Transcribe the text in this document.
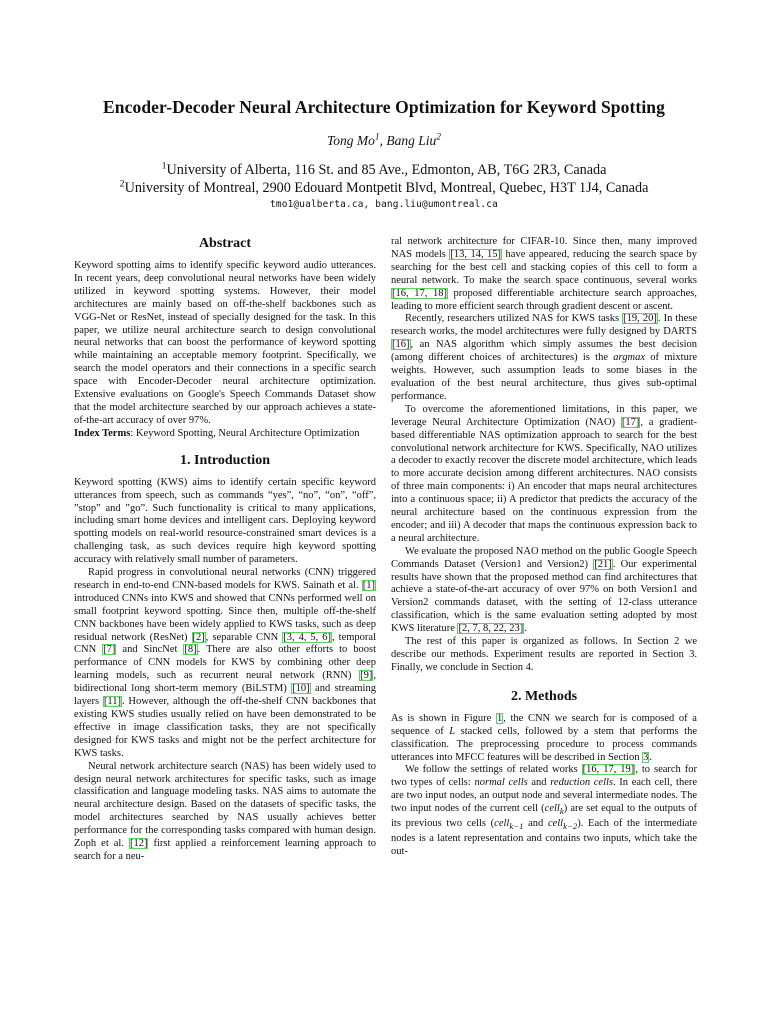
Encoder-Decoder Neural Architecture Optimization for Keyword Spotting
Tong Mo$^1$, Bang Liu$^2$
$^1$University of Alberta, 116 St. and 85 Ave., Edmonton, AB, T6G 2R3, Canada
$^2$University of Montreal, 2900 Edouard Montpetit Blvd, Montreal, Quebec, H3T 1J4, Canada
tmo1@ualberta.ca, bang.liu@umontreal.ca
Abstract

Keyword spotting aims to identify specific keyword audio utterances. In recent years, deep convolutional neural networks have been widely utilized in keyword spotting systems. However, their model architectures are mainly based on off-the-shelf backbones such as VGG-Net or ResNet, instead of specially designed for the task. In this paper, we utilize neural architecture search to design convolutional neural networks that can boost the performance of keyword spotting while maintaining an acceptable memory footprint. Specifically, we search the model operators and their connections in a specific search space with Encoder-Decoder neural architecture optimization. Extensive evaluations on Google's Speech Commands Dataset show that the model architecture searched by our approach achieves a state-of-the-art accuracy of over 97%.

Index Terms: Keyword Spotting, Neural Architecture Optimization

1. Introduction

Keyword spotting (KWS) aims to identify certain specific keyword utterances from speech, such as commands “yes”, “no”, “on”, “off”, ”stop” and ”go”. Such functionality is critical to many applications, including smart home devices and intelligent cars. Deploying keyword spotting models on real-world resource-constrained smart devices is a challenging task, as such devices require high keyword spotting accuracy with relatively small number of parameters.

Rapid progress in convolutional neural networks (CNN) triggered research in end-to-end CNN-based models for KWS. Sainath et al. [1] introduced CNNs into KWS and showed that CNNs performed well on small footprint keyword spotting. Since then, multiple off-the-shelf CNN backbones have been widely applied to KWS tasks, such as deep residual network (ResNet) [2], separable CNN [3, 4, 5, 6], temporal CNN [7] and SincNet [8]. There are also other efforts to boost performance of CNN models for KWS by combining other deep learning models, such as recurrent neural network (RNN) [9], bidirectional long short-term memory (BiLSTM) [10] and streaming layers [11]. However, although the off-the-shelf CNN backbones that existing KWS studies usually relied on have been demonstrated to be effective in image classification tasks, they are not specifically designed for KWS tasks and might not be the perfect architecture for KWS tasks.

Neural network architecture search (NAS) has been widely used to design neural network architectures for specific tasks, such as image classification and language modeling tasks. NAS aims to automate the neural architecture design. Based on the datasets of specific tasks, the model architectures searched by NAS usually achieves better performance for the corresponding tasks compared with human design. Zoph et al. [12] first applied a reinforcement learning approach to search for a neu-

ral network architecture for CIFAR-10. Since then, many improved NAS models [13, 14, 15] have appeared, reducing the search space by searching for the best cell and stacking copies of this cell to form a neural network. To make the search space continuous, several works [16, 17, 18] proposed differentiable architecture search approaches, leading to more efficient search through gradient descent or ascent.

Recently, researchers utilized NAS for KWS tasks [19, 20]. In these research works, the model architectures were fully designed by DARTS [16], an NAS algorithm which simply assumes the best decision (among different choices of architectures) is the argmax of mixture weights. However, such assumption leads to some biases in the evaluation of the best neural architecture, thus gives sub-optimal performance.

To overcome the aforementioned limitations, in this paper, we leverage Neural Architecture Optimization (NAO) [17], a gradient-based differentiable NAS optimization approach to search for the best convolutional network architecture for KWS. Specifically, NAO utilizes a decoder to exactly recover the discrete model architecture, which leads to more accurate decision among different architectures. NAO consists of three main components: i) An encoder that maps neural architectures into a continuous space; ii) A predictor that predicts the accuracy of the neural architecture based on the continuous expression from the encoder; and iii) A decoder that maps the continuous expression back to a neural architecture.

We evaluate the proposed NAO method on the public Google Speech Commands Dataset (Version1 and Version2) [21]. Our experimental results have shown that the proposed method can find architectures that achieve a state-of-the-art accuracy of over 97% on both Version1 and Version2 commands dataset, with the setting of 12-class utterance classification, which is the same evaluation setting adopted by most KWS literature [2, 7, 8, 22, 23].

The rest of this paper is organized as follows. In Section 2 we describe our methods. Experiment results are reported in Section 3. Finally, we conclude in Section 4.

2. Methods

As is shown in Figure 1, the CNN we search for is composed of a sequence of L stacked cells, followed by a stem that performs the classification. The preprocessing procedure to process commands utterances into MFCC features will be described in Section 3.

We follow the settings of related works [16, 17, 19], to search for two types of cells: normal cells and reduction cells. In each cell, there are two input nodes, an output node and several intermediate nodes. The two input nodes of the current cell (cell$_k$) are set equal to the outputs of its previous two cells (cell$_{k-1}$ and cell$_{k-2}$). Each of the intermediate nodes is a latent representation and contains two inputs, which take the out-
